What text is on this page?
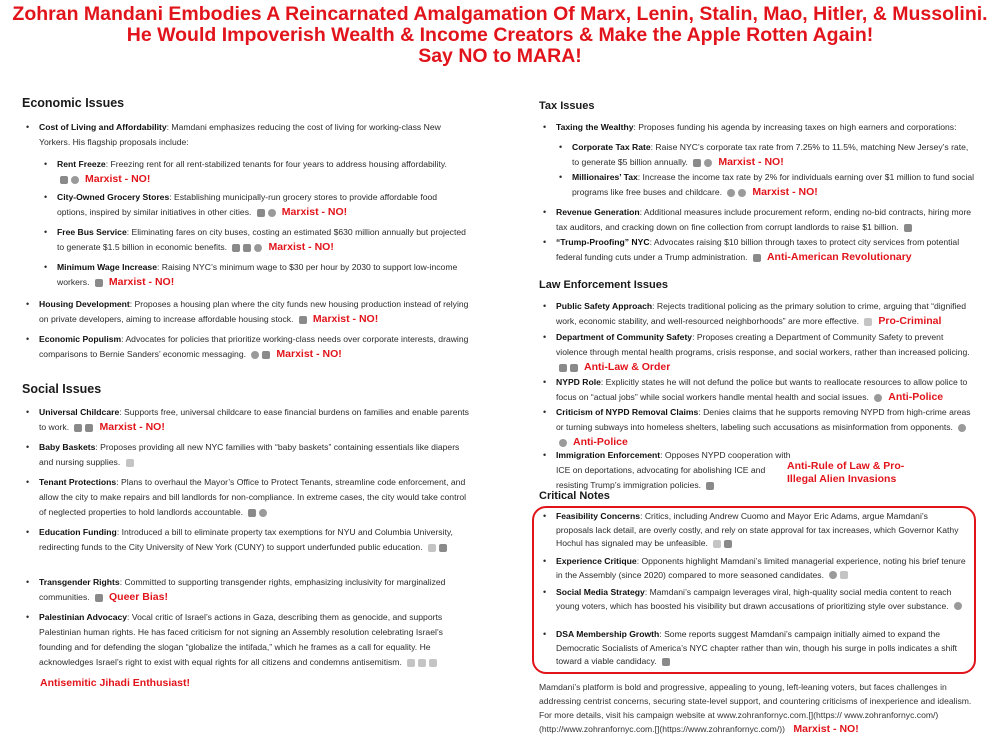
Zohran Mandani Embodies A Reincarnated Amalgamation Of Marx, Lenin, Stalin, Mao, Hitler, & Mussolini.
He Would Impoverish Wealth & Income Creators & Make the Apple Rotten Again!
Say NO to MARA!
Economic Issues
• Cost of Living and Affordability: Mamdani emphasizes reducing the cost of living for working-class New Yorkers. His flagship proposals include:
• Rent Freeze: Freezing rent for all rent-stabilized tenants for four years to address housing affordability.
Marxist - NO!
• City-Owned Grocery Stores: Establishing municipally-run grocery stores to provide affordable food options, inspired by similar initiatives in other cities.	Marxist - NO!
• Free Bus Service: Eliminating fares on city buses, costing an estimated $630 million annually but projected to generate $1.5 billion in economic benefits.	Marxist - NO!
• Minimum Wage Increase: Raising NYC’s minimum wage to $30 per hour by 2030 to support low-income workers. Marxist - NO!
• Housing Development: Proposes a housing plan where the city funds new housing production instead of relying on private developers, aiming to increase affordable housing stock. Marxist - NO!
• Economic Populism: Advocates for policies that prioritize working-class needs over corporate interests, drawing comparisons to Bernie Sanders’ economic messaging.	Marxist - NO!
Social Issues
• Universal Childcare: Supports free, universal childcare to ease financial burdens on families and enable parents to work.	Marxist - NO!
• Baby Baskets: Proposes providing all new NYC families with “baby baskets” containing essentials like diapers and nursing supplies.
• Tenant Protections: Plans to overhaul the Mayor’s Office to Protect Tenants, streamline code enforcement, and allow the city to make repairs and bill landlords for non-compliance. In extreme cases, the city would take control of neglected properties to hold landlords accountable.
• Education Funding: Introduced a bill to eliminate property tax exemptions for NYU and Columbia University, redirecting funds to the City University of New York (CUNY) to support underfunded public education.
• Transgender Rights: Committed to supporting transgender rights, emphasizing inclusivity for marginalized communities. Queer Bias!
• Palestinian Advocacy: Vocal critic of Israel’s actions in Gaza, describing them as genocide, and supports Palestinian human rights. He has faced criticism for not signing an Assembly resolution celebrating Israel’s founding and for defending the slogan “globalize the intifada,” which he frames as a call for equality. He acknowledges Israel’s right to exist with equal rights for all citizens and condemns antisemitism.
Antisemitic Jihadi Enthusiast!
Tax Issues
• Taxing the Wealthy: Proposes funding his agenda by increasing taxes on high earners and corporations:
• Corporate Tax Rate: Raise NYC’s corporate tax rate from 7.25% to 11.5%, matching New Jersey’s rate, to generate $5 billion annually.	Marxist - NO!
• Millionaires’ Tax: Increase the income tax rate by 2% for individuals earning over $1 million to fund social programs like free buses and childcare.	Marxist - NO!
• Revenue Generation: Additional measures include procurement reform, ending no-bid contracts, hiring more tax auditors, and cracking down on fine collection from corrupt landlords to raise $1 billion.
• “Trump-Proofing” NYC: Advocates raising $10 billion through taxes to protect city services from potential federal funding cuts under a Trump administration. Anti-American Revolutionary
Law Enforcement Issues
• Public Safety Approach: Rejects traditional policing as the primary solution to crime, arguing that “dignified work, economic stability, and well-resourced neighborhoods” are more effective. Pro-Criminal
• Department of Community Safety: Proposes creating a Department of Community Safety to prevent violence through mental health programs, crisis response, and social workers, rather than increased policing. Anti-Law & Order
• NYPD Role: Explicitly states he will not defund the police but wants to reallocate resources to allow police to focus on “actual jobs” while social workers handle mental health and social issues. Anti-Police
• Criticism of NYPD Removal Claims: Denies claims that he supports removing NYPD from high-crime areas or turning subways into homeless shelters, labeling such accusations as misinformation from opponents. Anti-Police
• Immigration Enforcement: Opposes NYPD cooperation with ICE on deportations, advocating for abolishing ICE and resisting Trump’s immigration policies.
Anti-Rule of Law & Pro-
Illegal Alien Invasions
Critical Notes
• Feasibility Concerns: Critics, including Andrew Cuomo and Mayor Eric Adams, argue Mamdani’s proposals lack detail, are overly costly, and rely on state approval for tax increases, which Governor Kathy Hochul has signaled may be unfeasible.
• Experience Critique: Opponents highlight Mamdani’s limited managerial experience, noting his brief tenure in the Assembly (since 2020) compared to more seasoned candidates.
• Social Media Strategy: Mamdani’s campaign leverages viral, high-quality social media content to reach young voters, which has boosted his visibility but drawn accusations of prioritizing style over substance.
• DSA Membership Growth: Some reports suggest Mamdani’s campaign initially aimed to expand the Democratic Socialists of America’s NYC chapter rather than win, though his surge in polls indicates a shift toward a viable candidacy.
Mamdani’s platform is bold and progressive, appealing to young, left-leaning voters, but faces challenges in addressing centrist concerns, securing state-level support, and countering criticisms of inexperience and idealism. For more details, visit his campaign website at www.zohranfornyc.com.[](https:// www.zohranfornyc.com/) (http://www.zohranfornyc.com.[](https://www.zohranfornyc.com/)) Marxist - NO!
